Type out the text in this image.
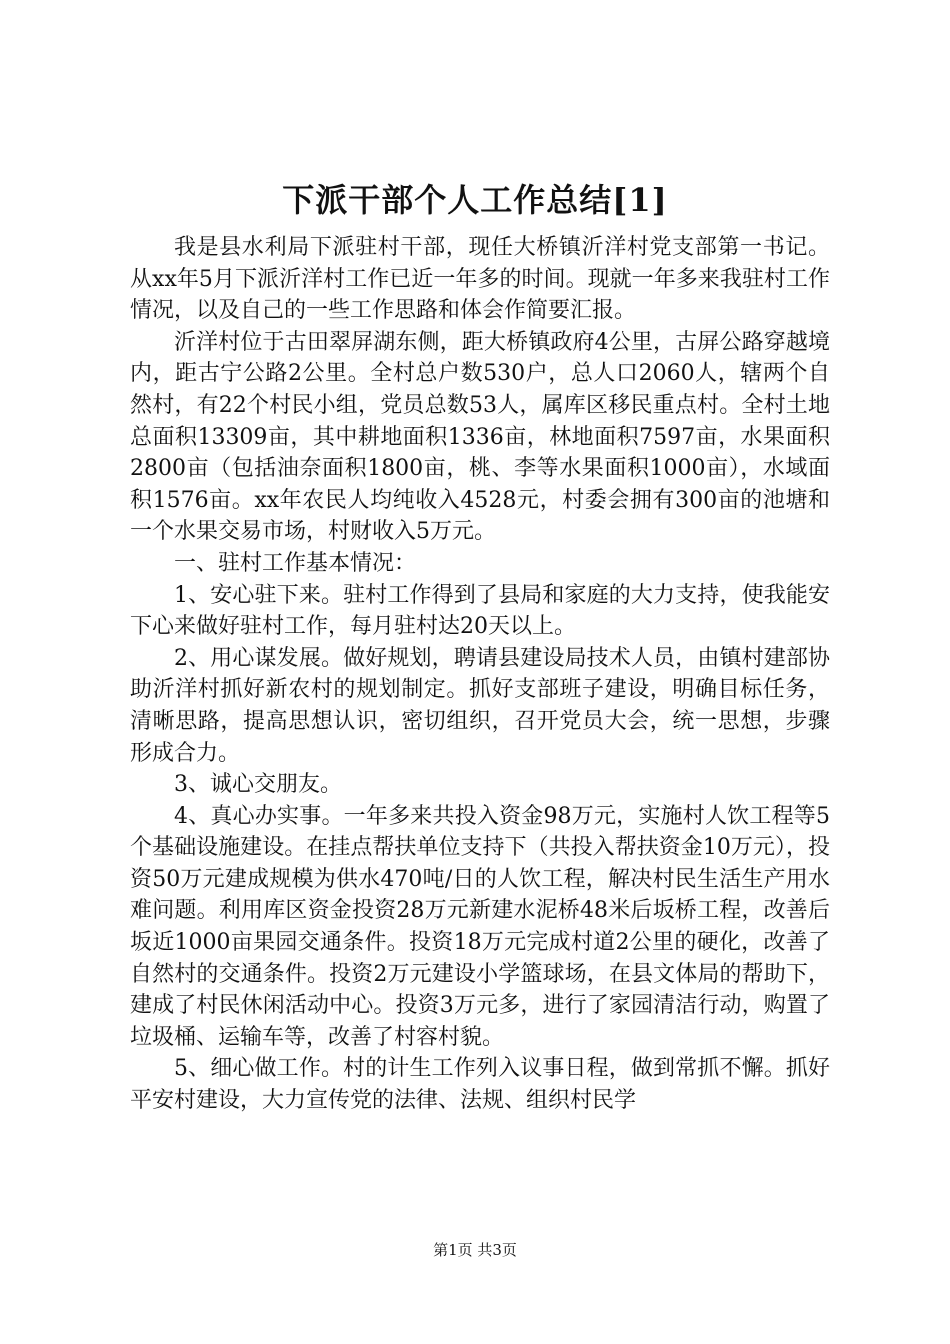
下派干部个人工作总结[1]

我是县水利局下派驻村干部，现任大桥镇沂洋村党支部第一书记。从xx年5月下派沂洋村工作已近一年多的时间。现就一年多来我驻村工作情况，以及自己的一些工作思路和体会作简要汇报。

沂洋村位于古田翠屏湖东侧，距大桥镇政府4公里，古屏公路穿越境内，距古宁公路2公里。全村总户数530户，总人口2060人，辖两个自然村，有22个村民小组，党员总数53人，属库区移民重点村。全村土地总面积13309亩，其中耕地面积1336亩，林地面积7597亩，水果面积2800亩（包括油奈面积1800亩，桃、李等水果面积1000亩），水域面积1576亩。xx年农民人均纯收入4528元，村委会拥有300亩的池塘和一个水果交易市场，村财收入5万元。

一、驻村工作基本情况：

1、安心驻下来。驻村工作得到了县局和家庭的大力支持，使我能安下心来做好驻村工作，每月驻村达20天以上。

2、用心谋发展。做好规划，聘请县建设局技术人员，由镇村建部协助沂洋村抓好新农村的规划制定。抓好支部班子建设，明确目标任务，清晰思路，提高思想认识，密切组织，召开党员大会，统一思想，步骤形成合力。

3、诚心交朋友。

4、真心办实事。一年多来共投入资金98万元，实施村人饮工程等5个基础设施建设。在挂点帮扶单位支持下（共投入帮扶资金10万元），投资50万元建成规模为供水470吨/日的人饮工程，解决村民生活生产用水难问题。利用库区资金投资28万元新建水泥桥48米后坂桥工程，改善后坂近1000亩果园交通条件。投资18万元完成村道2公里的硬化，改善了自然村的交通条件。投资2万元建设小学篮球场，在县文体局的帮助下，建成了村民休闲活动中心。投资3万元多，进行了家园清洁行动，购置了垃圾桶、运输车等，改善了村容村貌。

5、细心做工作。村的计生工作列入议事日程，做到常抓不懈。抓好平安村建设，大力宣传党的法律、法规、组织村民学

第1页 共3页
